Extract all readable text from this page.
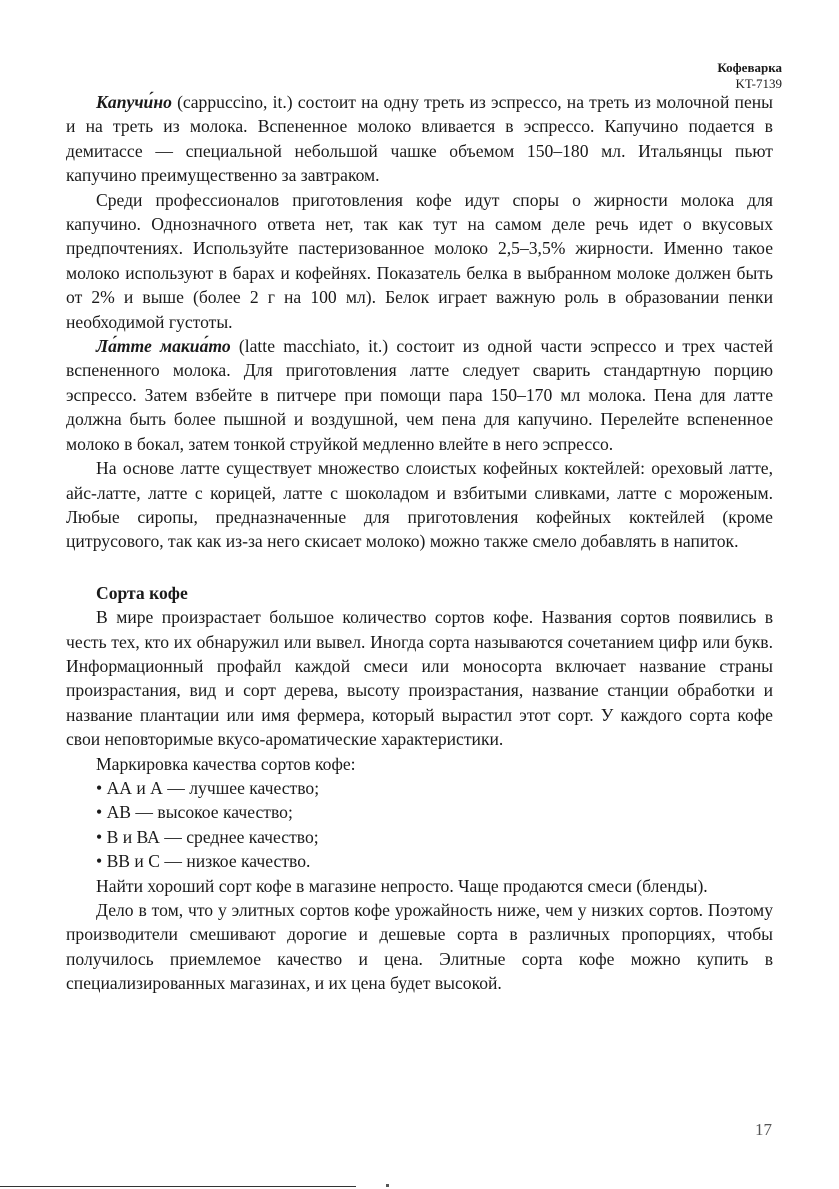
Кофеварка
KT-7139

Капучи́но (cappuccino, it.) состоит на одну треть из эспрессо, на треть из молочной пены и на треть из молока. Вспененное молоко вливается в эспрессо. Капучино подается в демитассе — специальной небольшой чашке объемом 150–180 мл. Итальянцы пьют капучино преимущественно за завтраком.

Среди профессионалов приготовления кофе идут споры о жирности молока для капучино. Однозначного ответа нет, так как тут на самом деле речь идет о вкусовых предпочтениях. Используйте пастеризованное молоко 2,5–3,5% жирности. Именно такое молоко используют в барах и кофейнях. Показатель белка в выбранном молоке должен быть от 2% и выше (более 2 г на 100 мл). Белок играет важную роль в образовании пенки необходимой густоты.

Ла́тте макиа́то (latte macchiato, it.) состоит из одной части эспрессо и трех частей вспененного молока. Для приготовления латте следует сварить стандартную порцию эспрессо. Затем взбейте в питчере при помощи пара 150–170 мл молока. Пена для латте должна быть более пышной и воздушной, чем пена для капучино. Перелейте вспененное молоко в бокал, затем тонкой струйкой медленно влейте в него эспрессо.

На основе латте существует множество слоистых кофейных коктейлей: ореховый латте, айс-латте, латте с корицей, латте с шоколадом и взбитыми сливками, латте с мороженым. Любые сиропы, предназначенные для приготовления кофейных коктейлей (кроме цитрусового, так как из-за него скисает молоко) можно также смело добавлять в напиток.

Сорта кофе

В мире произрастает большое количество сортов кофе. Названия сортов появились в честь тех, кто их обнаружил или вывел. Иногда сорта называются сочетанием цифр или букв. Информационный профайл каждой смеси или моносорта включает название страны произрастания, вид и сорт дерева, высоту произрастания, название станции обработки и название плантации или имя фермера, который вырастил этот сорт. У каждого сорта кофе свои неповторимые вкусо-ароматические характеристики.

Маркировка качества сортов кофе:

• АА и А — лучшее качество;
• АВ — высокое качество;
• В и ВА — среднее качество;
• ВВ и С — низкое качество.

Найти хороший сорт кофе в магазине непросто. Чаще продаются смеси (бленды).

Дело в том, что у элитных сортов кофе урожайность ниже, чем у низких сортов. Поэтому производители смешивают дорогие и дешевые сорта в различных пропорциях, чтобы получилось приемлемое качество и цена. Элитные сорта кофе можно купить в специализированных магазинах, и их цена будет высокой.

17
